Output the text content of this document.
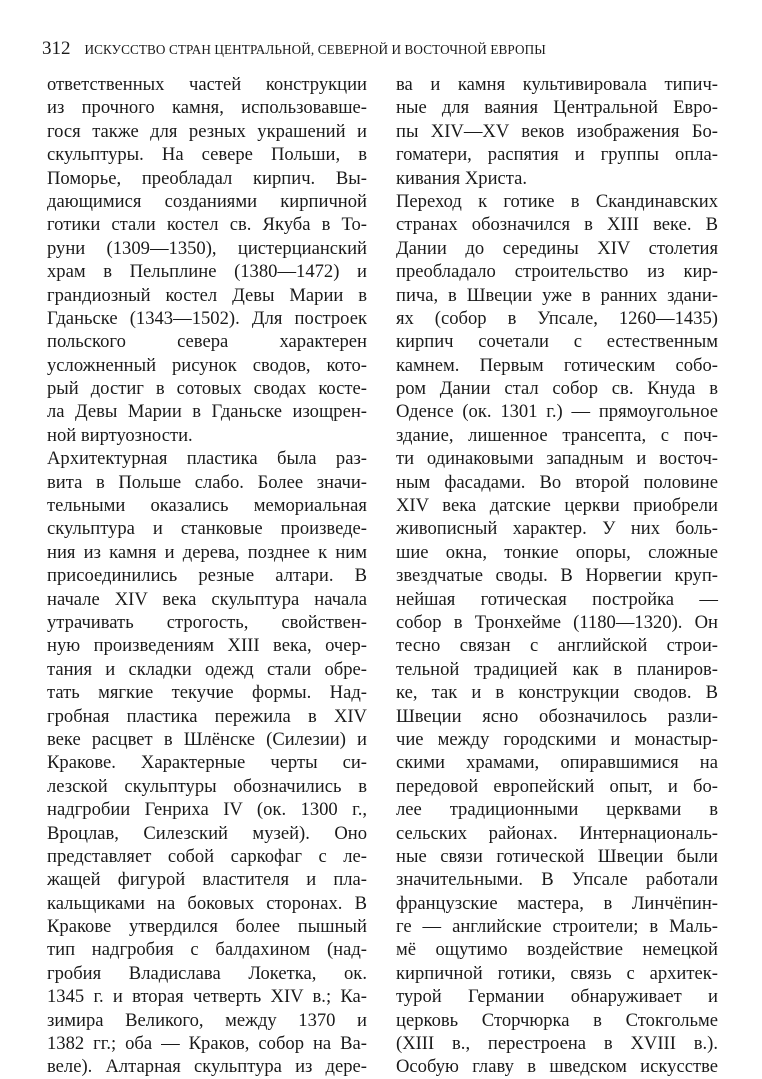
312 ИСКУССТВО СТРАН ЦЕНТРАЛЬНОЙ, СЕВЕРНОЙ И ВОСТОЧНОЙ ЕВРОПЫ
ответственных частей конструкции
из прочного камня, использовавше-
гося также для резных украшений и
скульптуры. На севере Польши, в
Поморье, преобладал кирпич. Вы-
дающимися созданиями кирпичной
готики стали костел св. Якуба в То-
руни (1309—1350), цистерцианский
храм в Пельплине (1380—1472) и
грандиозный костел Девы Марии в
Гданьске (1343—1502). Для построек
польского севера характерен
усложненный рисунок сводов, кото-
рый достиг в сотовых сводах косте-
ла Девы Марии в Гданьске изощрен-
ной виртуозности.
Архитектурная пластика была раз-
вита в Польше слабо. Более значи-
тельными оказались мемориальная
скульптура и станковые произведе-
ния из камня и дерева, позднее к ним
присоединились резные алтари. В
начале XIV века скульптура начала
утрачивать строгость, свойствен-
ную произведениям XIII века, очер-
тания и складки одежд стали обре-
тать мягкие текучие формы. Над-
гробная пластика пережила в XIV
веке расцвет в Шлёнске (Силезии) и
Кракове. Характерные черты си-
лезской скульптуры обозначились в
надгробии Генриха IV (ок. 1300 г.,
Вроцлав, Силезский музей). Оно
представляет собой саркофаг с ле-
жащей фигурой властителя и пла-
кальщиками на боковых сторонах. В
Кракове утвердился более пышный
тип надгробия с балдахином (над-
гробия Владислава Локетка, ок.
1345 г. и вторая четверть XIV в.; Ка-
зимира Великого, между 1370 и
1382 гг.; оба — Краков, собор на Ва-
веле). Алтарная скульптура из дере-
ва и камня культивировала типич-
ные для ваяния Центральной Евро-
пы XIV—XV веков изображения Бо-
гоматери, распятия и группы опла-
кивания Христа.
Переход к готике в Скандинавских
странах обозначился в XIII веке. В
Дании до середины XIV столетия
преобладало строительство из кир-
пича, в Швеции уже в ранних здани-
ях (собор в Упсале, 1260—1435)
кирпич сочетали с естественным
камнем. Первым готическим собо-
ром Дании стал собор св. Кнуда в
Оденсе (ок. 1301 г.) — прямоугольное
здание, лишенное трансепта, с поч-
ти одинаковыми западным и восточ-
ным фасадами. Во второй половине
XIV века датские церкви приобрели
живописный характер. У них боль-
шие окна, тонкие опоры, сложные
звездчатые своды. В Норвегии круп-
нейшая готическая постройка —
собор в Тронхейме (1180—1320). Он
тесно связан с английской строи-
тельной традицией как в планиров-
ке, так и в конструкции сводов. В
Швеции ясно обозначилось разли-
чие между городскими и монастыр-
скими храмами, опиравшимися на
передовой европейский опыт, и бо-
лее традиционными церквами в
сельских районах. Интернациональ-
ные связи готической Швеции были
значительными. В Упсале работали
французские мастера, в Линчёпин-
ге — английские строители; в Маль-
мё ощутимо воздействие немецкой
кирпичной готики, связь с архитек-
турой Германии обнаруживает и
церковь Сторчюрка в Стокгольме
(XIII в., перестроена в XVIII в.).
Особую главу в шведском искусстве
